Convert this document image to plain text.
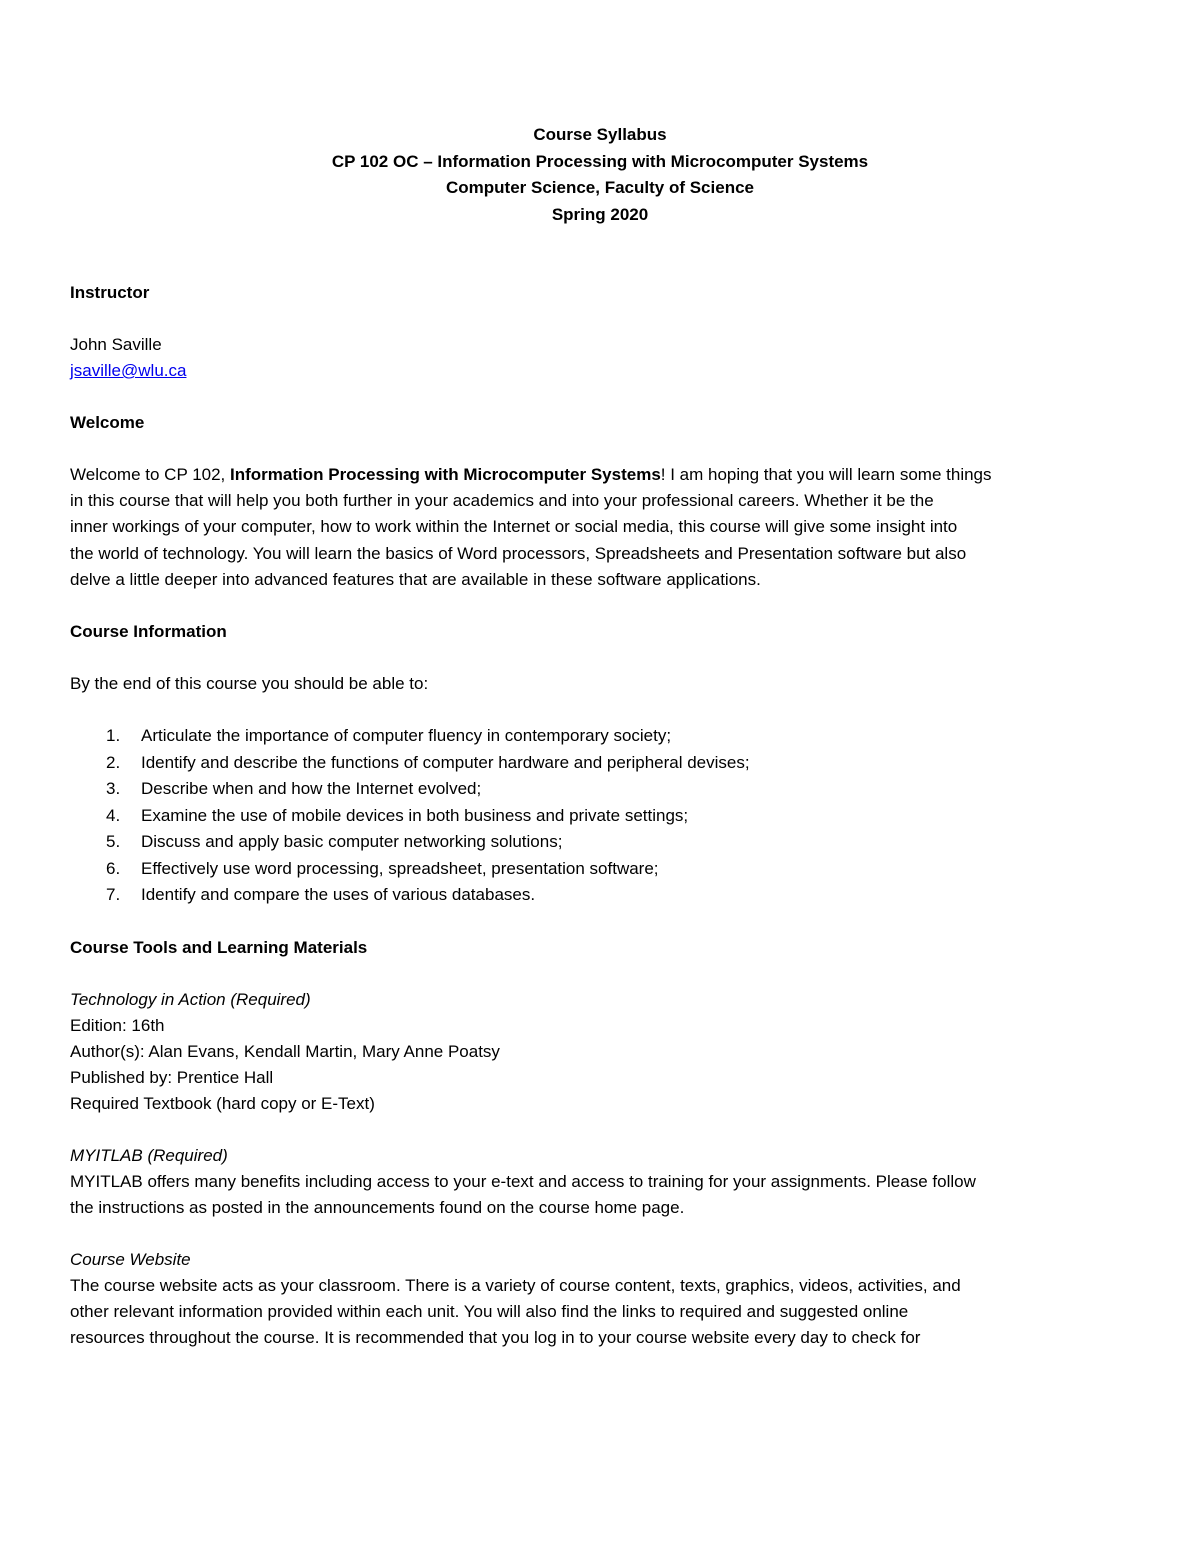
Course Syllabus
CP 102 OC – Information Processing with Microcomputer Systems
Computer Science, Faculty of Science
Spring 2020
Instructor
John Saville
jsaville@wlu.ca
Welcome
Welcome to CP 102, Information Processing with Microcomputer Systems! I am hoping that you will learn some things
in this course that will help you both further in your academics and into your professional careers. Whether it be the
inner workings of your computer, how to work within the Internet or social media, this course will give some insight into
the world of technology. You will learn the basics of Word processors, Spreadsheets and Presentation software but also
delve a little deeper into advanced features that are available in these software applications.
Course Information
By the end of this course you should be able to:
1. Articulate the importance of computer fluency in contemporary society;
2. Identify and describe the functions of computer hardware and peripheral devises;
3. Describe when and how the Internet evolved;
4. Examine the use of mobile devices in both business and private settings;
5. Discuss and apply basic computer networking solutions;
6. Effectively use word processing, spreadsheet, presentation software;
7. Identify and compare the uses of various databases.
Course Tools and Learning Materials
Technology in Action (Required)
Edition: 16th
Author(s): Alan Evans, Kendall Martin, Mary Anne Poatsy
Published by: Prentice Hall
Required Textbook (hard copy or E-Text)
MYITLAB (Required)
MYITLAB offers many benefits including access to your e-text and access to training for your assignments. Please follow
the instructions as posted in the announcements found on the course home page.
Course Website
The course website acts as your classroom. There is a variety of course content, texts, graphics, videos, activities, and
other relevant information provided within each unit. You will also find the links to required and suggested online
resources throughout the course. It is recommended that you log in to your course website every day to check for
